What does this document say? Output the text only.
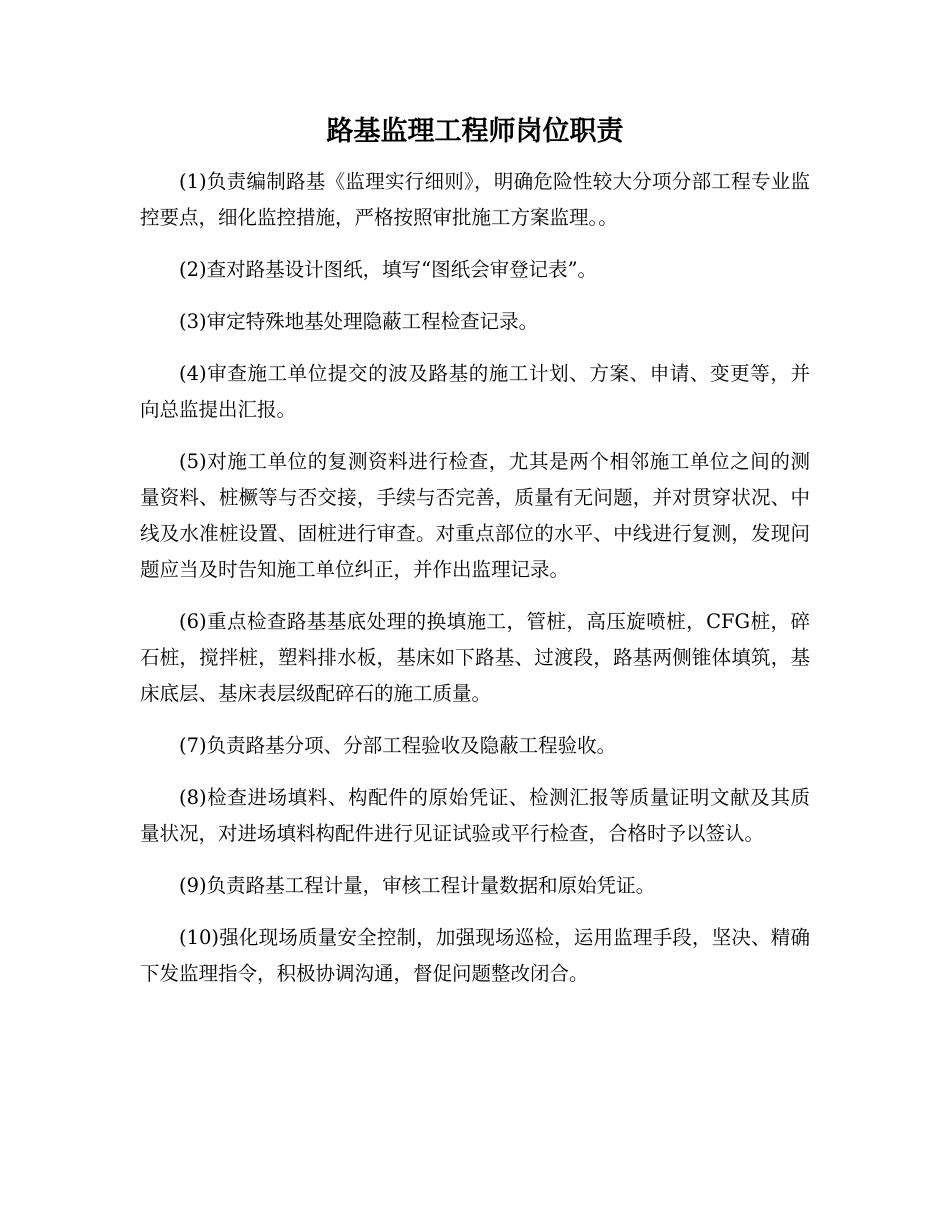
路基监理工程师岗位职责

(1)负责编制路基《监理实行细则》，明确危险性较大分项分部工程专业监控要点，细化监控措施，严格按照审批施工方案监理。。

(2)查对路基设计图纸，填写“图纸会审登记表”。

(3)审定特殊地基处理隐蔽工程检查记录。

(4)审查施工单位提交的波及路基的施工计划、方案、申请、变更等，并向总监提出汇报。

(5)对施工单位的复测资料进行检查，尤其是两个相邻施工单位之间的测量资料、桩橛等与否交接，手续与否完善，质量有无问题，并对贯穿状况、中线及水准桩设置、固桩进行审查。对重点部位的水平、中线进行复测，发现问题应当及时告知施工单位纠正，并作出监理记录。

(6)重点检查路基基底处理的换填施工，管桩，高压旋喷桩，CFG桩，碎石桩，搅拌桩，塑料排水板，基床如下路基、过渡段，路基两侧锥体填筑，基床底层、基床表层级配碎石的施工质量。

(7)负责路基分项、分部工程验收及隐蔽工程验收。

(8)检查进场填料、构配件的原始凭证、检测汇报等质量证明文献及其质量状况，对进场填料构配件进行见证试验或平行检查，合格时予以签认。

(9)负责路基工程计量，审核工程计量数据和原始凭证。

(10)强化现场质量安全控制，加强现场巡检，运用监理手段，坚决、精确下发监理指令，积极协调沟通，督促问题整改闭合。
